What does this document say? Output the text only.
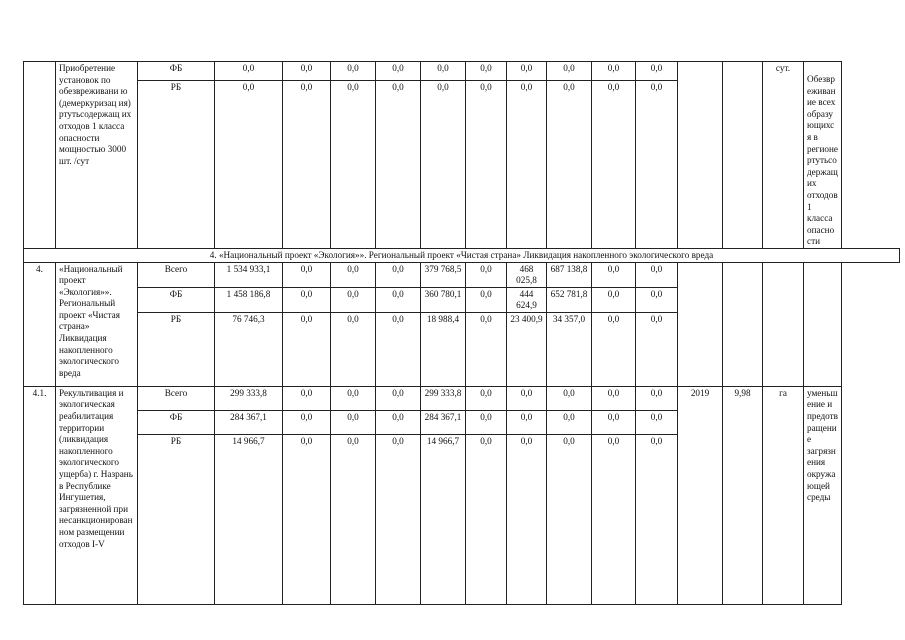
	Приобретение установок по обезвреживани ю (демеркуризац ия) ртутьсодержащ их отходов 1 класса опасности мощностью 3000 шт. /сут	ФБ	0,0	0,0	0,0	0,0	0,0	0,0	0,0	0,0	0,0	0,0			сут.	Обезвреживание всех образующихся в регионе ртутьсодержащих отходов 1 класса опасности
		РБ	0,0	0,0	0,0	0,0	0,0	0,0	0,0	0,0	0,0	0,0				
4. «Национальный проект «Экология»». Региональный проект «Чистая страна» Ликвидация накопленного экологического вреда																
4.	«Национальный проект «Экология»». Региональный проект «Чистая страна» Ликвидация накопленного экологического вреда	Всего	1 534 933,1	0,0	0,0	0,0	379 768,5	0,0	468 025,8	687 138,8	0,0	0,0				
		ФБ	1 458 186,8	0,0	0,0	0,0	360 780,1	0,0	444 624,9	652 781,8	0,0	0,0				
		РБ	76 746,3	0,0	0,0	0,0	18 988,4	0,0	23 400,9	34 357,0	0,0	0,0				
4.1.	Рекультивация и экологическая реабилитация территории (ликвидация накопленного экологического ущерба) г. Назрань в Республике Ингушетия, загрязненной при несанкционированном размещении отходов I-V	Всего	299 333,8	0,0	0,0	0,0	299 333,8	0,0	0,0	0,0	0,0	0,0	2019	9,98	га	уменьшение и предотвращение загрязнения окружающей среды
		ФБ	284 367,1	0,0	0,0	0,0	284 367,1	0,0	0,0	0,0	0,0	0,0				
		РБ	14 966,7	0,0	0,0	0,0	14 966,7	0,0	0,0	0,0	0,0	0,0				
